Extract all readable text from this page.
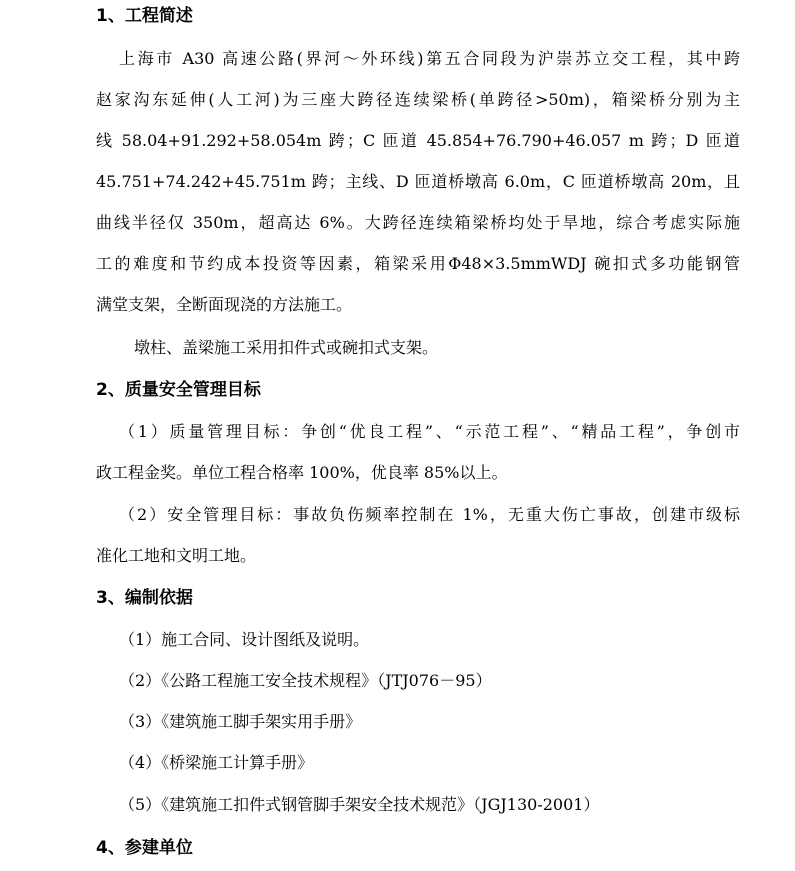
1、工程简述
上海市 A30 高速公路(界河～外环线)第五合同段为沪崇苏立交工程，其中跨
赵家沟东延伸(人工河)为三座大跨径连续梁桥(单跨径>50m)，箱梁桥分别为主
线 58.04+91.292+58.054m 跨；C 匝道 45.854+76.790+46.057 m 跨；D 匝道
45.751+74.242+45.751m 跨；主线、D 匝道桥墩高 6.0m，C 匝道桥墩高 20m，且
曲线半径仅 350m，超高达 6%。大跨径连续箱梁桥均处于旱地，综合考虑实际施
工的难度和节约成本投资等因素，箱梁采用Φ48×3.5mmWDJ 碗扣式多功能钢管
满堂支架，全断面现浇的方法施工。
墩柱、盖梁施工采用扣件式或碗扣式支架。
2、质量安全管理目标
（1）质量管理目标：争创“优良工程”、“示范工程”、“精品工程”，争创市
政工程金奖。单位工程合格率 100%，优良率 85%以上。
（2）安全管理目标：事故负伤频率控制在 1%，无重大伤亡事故，创建市级标
准化工地和文明工地。
3、编制依据
（1）施工合同、设计图纸及说明。
（2）《公路工程施工安全技术规程》（JTJ076－95）
（3）《建筑施工脚手架实用手册》
（4）《桥梁施工计算手册》
（5）《建筑施工扣件式钢管脚手架安全技术规范》（JGJ130-2001）
4、参建单位
